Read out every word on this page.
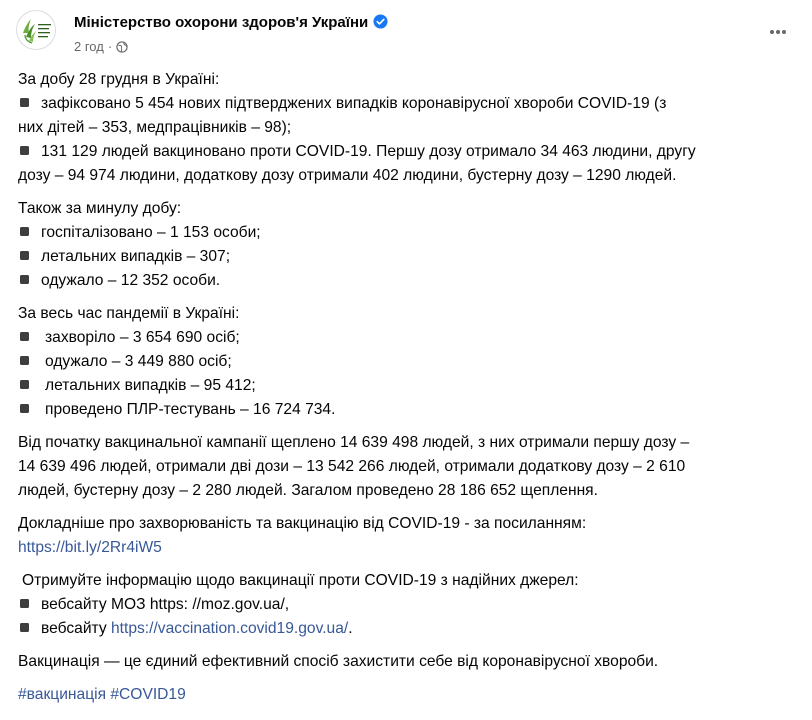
Міністерство охорони здоров'я України
2 год ·
За добу 28 грудня в Україні:
зафіксовано 5 454 нових підтверджених випадків коронавірусної хвороби COVID-19 (з
них дітей – 353, медпрацівників – 98);
131 129 людей вакциновано проти COVID-19. Першу дозу отримало 34 463 людини, другу
дозу – 94 974 людини, додаткову дозу отримали 402 людини, бустерну дозу – 1290 людей.
Також за минулу добу:
госпіталізовано – 1 153 особи;
летальних випадків – 307;
одужало – 12 352 особи.
За весь час пандемії в Україні:
захворіло – 3 654 690 осіб;
одужало – 3 449 880 осіб;
летальних випадків – 95 412;
проведено ПЛР-тестувань – 16 724 734.
Від початку вакцинальної кампанії щеплено 14 639 498 людей, з них отримали першу дозу –
14 639 496 людей, отримали дві дози – 13 542 266 людей, отримали додаткову дозу – 2 610
людей, бустерну дозу – 2 280 людей. Загалом проведено 28 186 652 щеплення.
Докладніше про захворюваність та вакцинацію від COVID-19 - за посиланням:
https://bit.ly/2Rr4iW5
Отримуйте інформацію щодо вакцинації проти COVID-19 з надійних джерел:
вебсайту МОЗ https: //moz.gov.ua/,
вебсайту https://vaccination.covid19.gov.ua/.
Вакцинація — це єдиний ефективний спосіб захистити себе від коронавірусної хвороби.
#вакцинація #COVID19
